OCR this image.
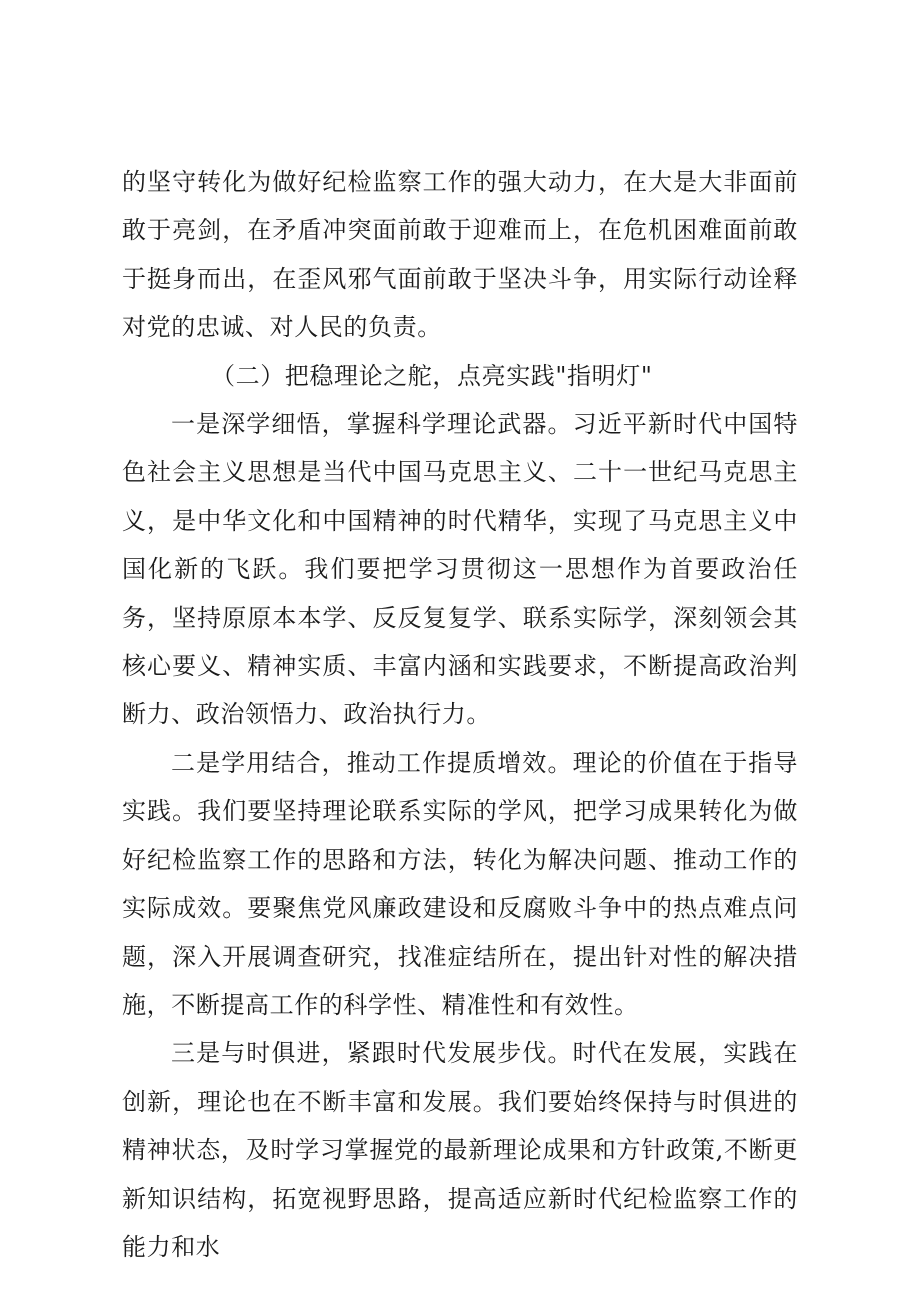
的坚守转化为做好纪检监察工作的强大动力，在大是大非面前敢于亮剑，在矛盾冲突面前敢于迎难而上，在危机困难面前敢于挺身而出，在歪风邪气面前敢于坚决斗争，用实际行动诠释对党的忠诚、对人民的负责。

（二）把稳理论之舵，点亮实践"指明灯"

一是深学细悟，掌握科学理论武器。习近平新时代中国特色社会主义思想是当代中国马克思主义、二十一世纪马克思主义，是中华文化和中国精神的时代精华，实现了马克思主义中国化新的飞跃。我们要把学习贯彻这一思想作为首要政治任务，坚持原原本本学、反反复复学、联系实际学，深刻领会其核心要义、精神实质、丰富内涵和实践要求，不断提高政治判断力、政治领悟力、政治执行力。

二是学用结合，推动工作提质增效。理论的价值在于指导实践。我们要坚持理论联系实际的学风，把学习成果转化为做好纪检监察工作的思路和方法，转化为解决问题、推动工作的实际成效。要聚焦党风廉政建设和反腐败斗争中的热点难点问题，深入开展调查研究，找准症结所在，提出针对性的解决措施，不断提高工作的科学性、精准性和有效性。

三是与时俱进，紧跟时代发展步伐。时代在发展，实践在创新，理论也在不断丰富和发展。我们要始终保持与时俱进的精神状态，及时学习掌握党的最新理论成果和方针政策,不断更新知识结构，拓宽视野思路，提高适应新时代纪检监察工作的能力和水
